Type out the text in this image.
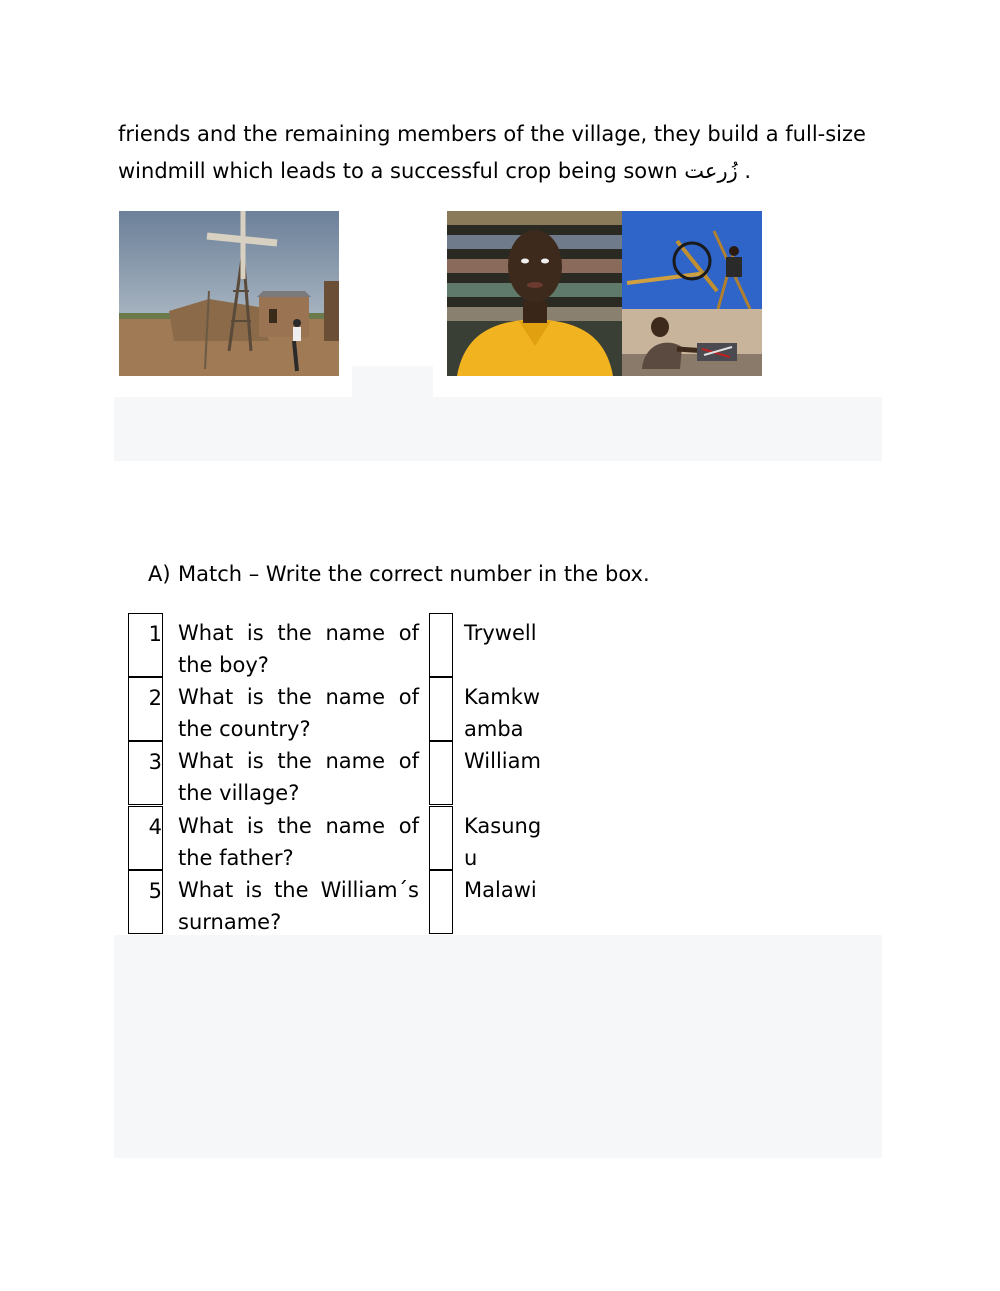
friends and the remaining members of the village, they build a full-size windmill which leads to a successful crop being sown زُرعت .

A) Match – Write the correct number in the box.

1 What is the name of the boy?
Trywell
2 What is the name of the country?
Kamkwamba
3 What is the name of the village?
William
4 What is the name of the father?
Kasungu
5 What is the William´s surname?
Malawi
